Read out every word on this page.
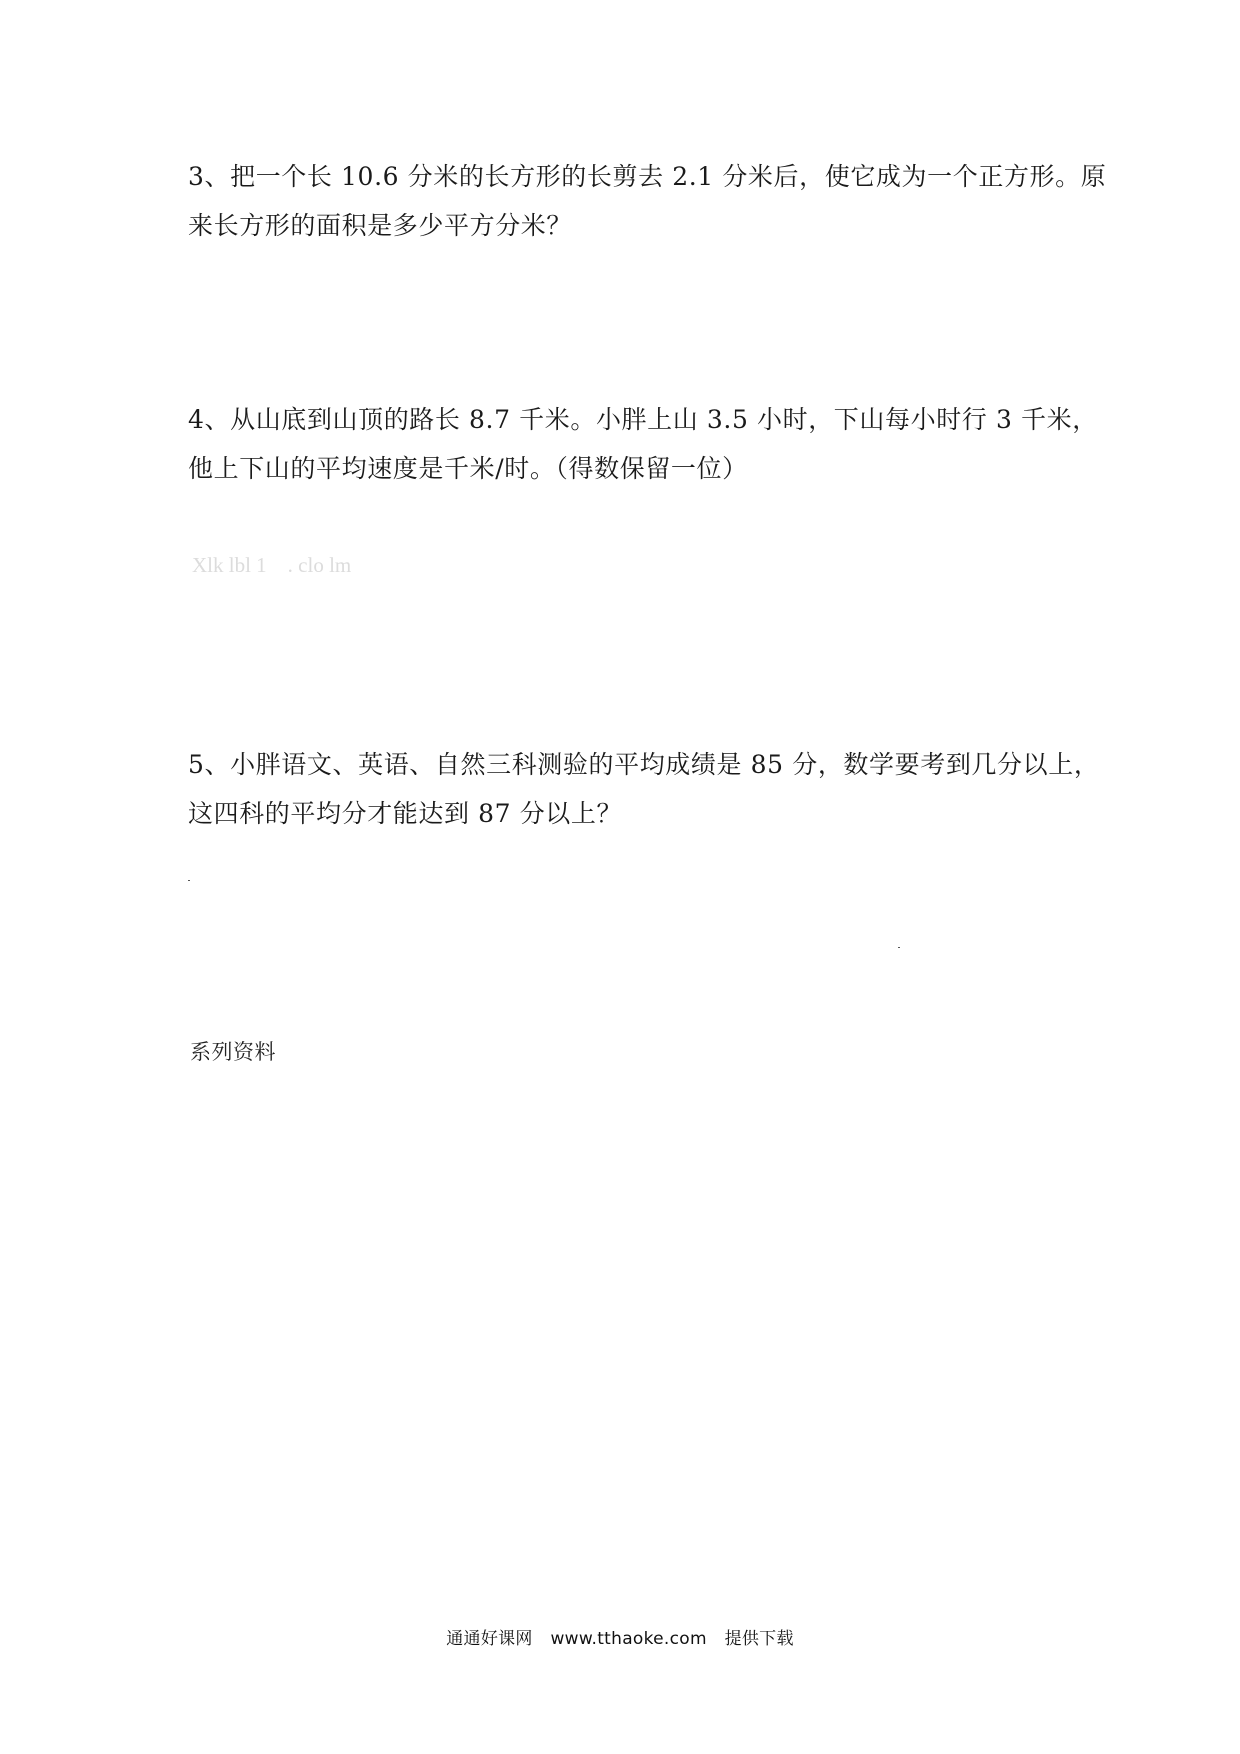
3、把一个长 10.6 分米的长方形的长剪去 2.1 分米后，使它成为一个正方形。原
来长方形的面积是多少平方分米？
4、从山底到山顶的路长 8.7 千米。小胖上山 3.5 小时，下山每小时行 3 千米，
他上下山的平均速度是千米/时。（得数保留一位）
Xlk lbl 1    . clo lm
5、小胖语文、英语、自然三科测验的平均成绩是 85 分，数学要考到几分以上，
这四科的平均分才能达到 87 分以上？
系列资料
通通好课网 www.tthaoke.com 提供下载
